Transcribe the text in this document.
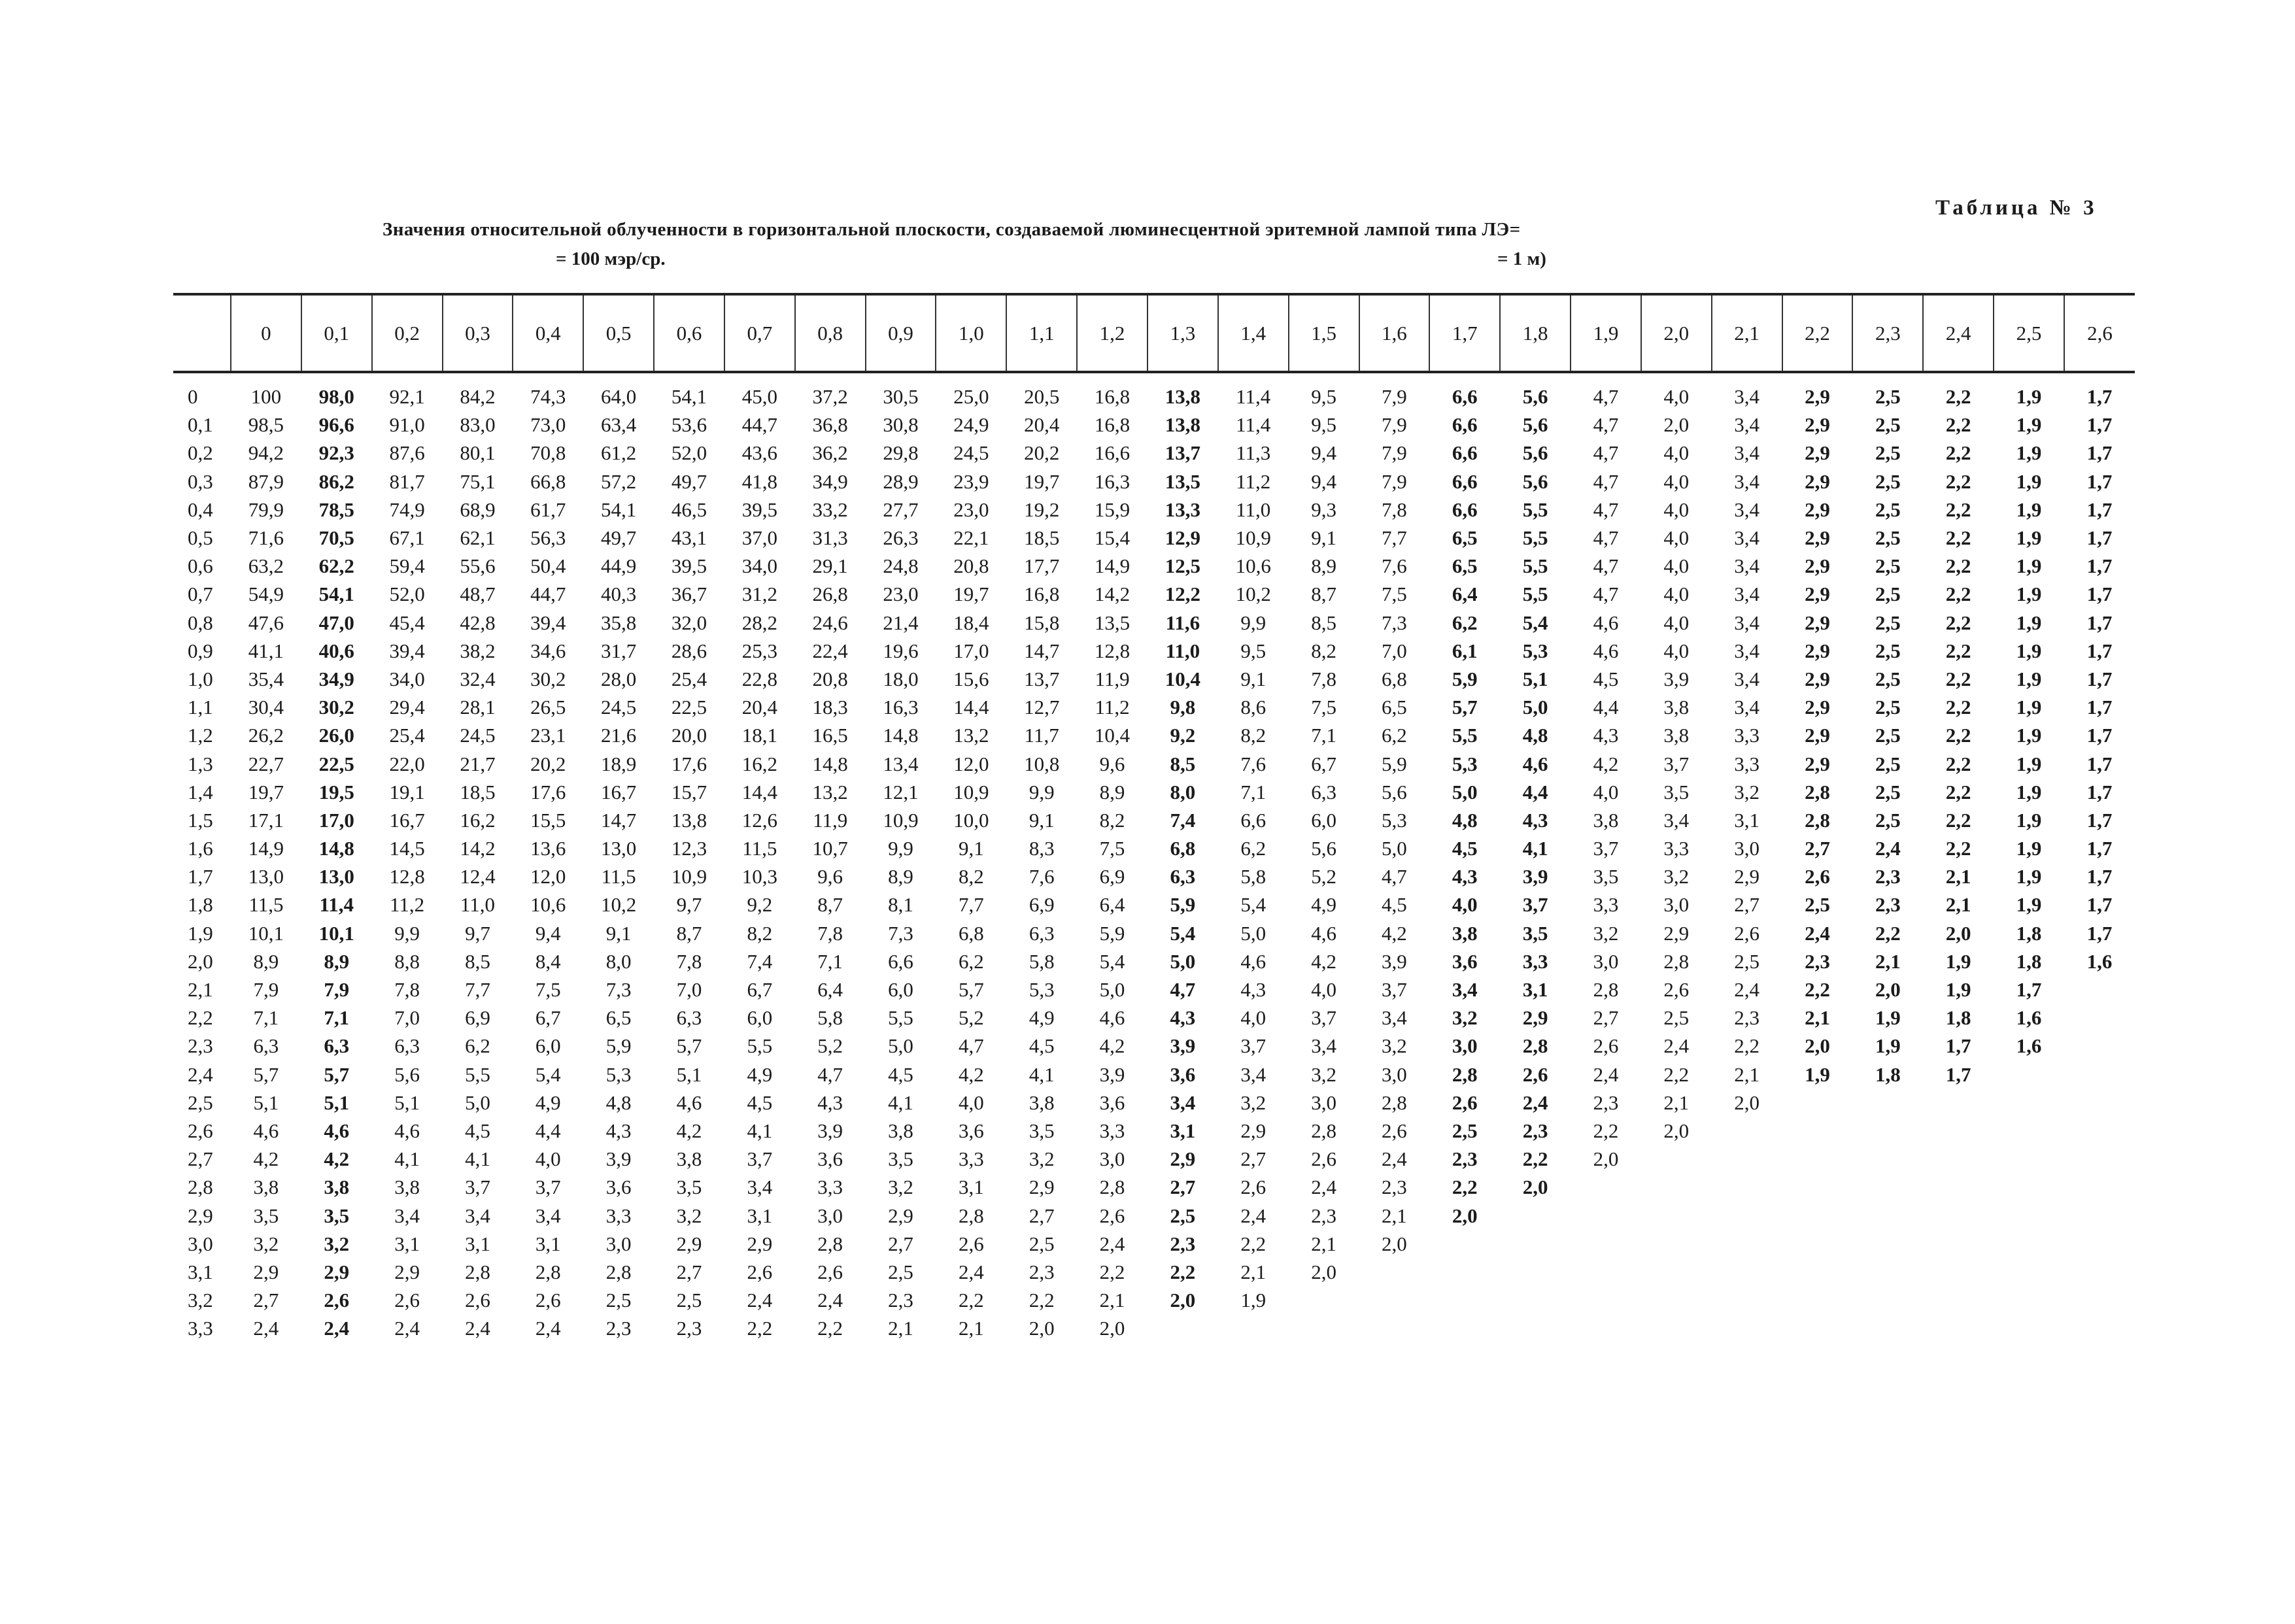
Таблица № 3
Значения относительной облученности в горизонтальной плоскости, создаваемой люминесцентной эритемной лампой типа ЛЭ=
= 100 мэр/ср.	= 1 м)
	0	0,1	0,2	0,3	0,4	0,5	0,6	0,7	0,8	0,9	1,0	1,1	1,2	1,3	1,4	1,5	1,6	1,7	1,8	1,9	2,0	2,1	2,2	2,3	2,4	2,5	2,6
0	100	98,0	92,1	84,2	74,3	64,0	54,1	45,0	37,2	30,5	25,0	20,5	16,8	13,8	11,4	9,5	7,9	6,6	5,6	4,7	4,0	3,4	2,9	2,5	2,2	1,9	1,7
0,1	98,5	96,6	91,0	83,0	73,0	63,4	53,6	44,7	36,8	30,8	24,9	20,4	16,8	13,8	11,4	9,5	7,9	6,6	5,6	4,7	2,0	3,4	2,9	2,5	2,2	1,9	1,7
0,2	94,2	92,3	87,6	80,1	70,8	61,2	52,0	43,6	36,2	29,8	24,5	20,2	16,6	13,7	11,3	9,4	7,9	6,6	5,6	4,7	4,0	3,4	2,9	2,5	2,2	1,9	1,7
0,3	87,9	86,2	81,7	75,1	66,8	57,2	49,7	41,8	34,9	28,9	23,9	19,7	16,3	13,5	11,2	9,4	7,9	6,6	5,6	4,7	4,0	3,4	2,9	2,5	2,2	1,9	1,7
0,4	79,9	78,5	74,9	68,9	61,7	54,1	46,5	39,5	33,2	27,7	23,0	19,2	15,9	13,3	11,0	9,3	7,8	6,6	5,5	4,7	4,0	3,4	2,9	2,5	2,2	1,9	1,7
0,5	71,6	70,5	67,1	62,1	56,3	49,7	43,1	37,0	31,3	26,3	22,1	18,5	15,4	12,9	10,9	9,1	7,7	6,5	5,5	4,7	4,0	3,4	2,9	2,5	2,2	1,9	1,7
0,6	63,2	62,2	59,4	55,6	50,4	44,9	39,5	34,0	29,1	24,8	20,8	17,7	14,9	12,5	10,6	8,9	7,6	6,5	5,5	4,7	4,0	3,4	2,9	2,5	2,2	1,9	1,7
0,7	54,9	54,1	52,0	48,7	44,7	40,3	36,7	31,2	26,8	23,0	19,7	16,8	14,2	12,2	10,2	8,7	7,5	6,4	5,5	4,7	4,0	3,4	2,9	2,5	2,2	1,9	1,7
0,8	47,6	47,0	45,4	42,8	39,4	35,8	32,0	28,2	24,6	21,4	18,4	15,8	13,5	11,6	9,9	8,5	7,3	6,2	5,4	4,6	4,0	3,4	2,9	2,5	2,2	1,9	1,7
0,9	41,1	40,6	39,4	38,2	34,6	31,7	28,6	25,3	22,4	19,6	17,0	14,7	12,8	11,0	9,5	8,2	7,0	6,1	5,3	4,6	4,0	3,4	2,9	2,5	2,2	1,9	1,7
1,0	35,4	34,9	34,0	32,4	30,2	28,0	25,4	22,8	20,8	18,0	15,6	13,7	11,9	10,4	9,1	7,8	6,8	5,9	5,1	4,5	3,9	3,4	2,9	2,5	2,2	1,9	1,7
1,1	30,4	30,2	29,4	28,1	26,5	24,5	22,5	20,4	18,3	16,3	14,4	12,7	11,2	9,8	8,6	7,5	6,5	5,7	5,0	4,4	3,8	3,4	2,9	2,5	2,2	1,9	1,7
1,2	26,2	26,0	25,4	24,5	23,1	21,6	20,0	18,1	16,5	14,8	13,2	11,7	10,4	9,2	8,2	7,1	6,2	5,5	4,8	4,3	3,8	3,3	2,9	2,5	2,2	1,9	1,7
1,3	22,7	22,5	22,0	21,7	20,2	18,9	17,6	16,2	14,8	13,4	12,0	10,8	9,6	8,5	7,6	6,7	5,9	5,3	4,6	4,2	3,7	3,3	2,9	2,5	2,2	1,9	1,7
1,4	19,7	19,5	19,1	18,5	17,6	16,7	15,7	14,4	13,2	12,1	10,9	9,9	8,9	8,0	7,1	6,3	5,6	5,0	4,4	4,0	3,5	3,2	2,8	2,5	2,2	1,9	1,7
1,5	17,1	17,0	16,7	16,2	15,5	14,7	13,8	12,6	11,9	10,9	10,0	9,1	8,2	7,4	6,6	6,0	5,3	4,8	4,3	3,8	3,4	3,1	2,8	2,5	2,2	1,9	1,7
1,6	14,9	14,8	14,5	14,2	13,6	13,0	12,3	11,5	10,7	9,9	9,1	8,3	7,5	6,8	6,2	5,6	5,0	4,5	4,1	3,7	3,3	3,0	2,7	2,4	2,2	1,9	1,7
1,7	13,0	13,0	12,8	12,4	12,0	11,5	10,9	10,3	9,6	8,9	8,2	7,6	6,9	6,3	5,8	5,2	4,7	4,3	3,9	3,5	3,2	2,9	2,6	2,3	2,1	1,9	1,7
1,8	11,5	11,4	11,2	11,0	10,6	10,2	9,7	9,2	8,7	8,1	7,7	6,9	6,4	5,9	5,4	4,9	4,5	4,0	3,7	3,3	3,0	2,7	2,5	2,3	2,1	1,9	1,7
1,9	10,1	10,1	9,9	9,7	9,4	9,1	8,7	8,2	7,8	7,3	6,8	6,3	5,9	5,4	5,0	4,6	4,2	3,8	3,5	3,2	2,9	2,6	2,4	2,2	2,0	1,8	1,7
2,0	8,9	8,9	8,8	8,5	8,4	8,0	7,8	7,4	7,1	6,6	6,2	5,8	5,4	5,0	4,6	4,2	3,9	3,6	3,3	3,0	2,8	2,5	2,3	2,1	1,9	1,8	1,6
2,1	7,9	7,9	7,8	7,7	7,5	7,3	7,0	6,7	6,4	6,0	5,7	5,3	5,0	4,7	4,3	4,0	3,7	3,4	3,1	2,8	2,6	2,4	2,2	2,0	1,9	1,7	
2,2	7,1	7,1	7,0	6,9	6,7	6,5	6,3	6,0	5,8	5,5	5,2	4,9	4,6	4,3	4,0	3,7	3,4	3,2	2,9	2,7	2,5	2,3	2,1	1,9	1,8	1,6	
2,3	6,3	6,3	6,3	6,2	6,0	5,9	5,7	5,5	5,2	5,0	4,7	4,5	4,2	3,9	3,7	3,4	3,2	3,0	2,8	2,6	2,4	2,2	2,0	1,9	1,7	1,6	
2,4	5,7	5,7	5,6	5,5	5,4	5,3	5,1	4,9	4,7	4,5	4,2	4,1	3,9	3,6	3,4	3,2	3,0	2,8	2,6	2,4	2,2	2,1	1,9	1,8	1,7		
2,5	5,1	5,1	5,1	5,0	4,9	4,8	4,6	4,5	4,3	4,1	4,0	3,8	3,6	3,4	3,2	3,0	2,8	2,6	2,4	2,3	2,1	2,0					
2,6	4,6	4,6	4,6	4,5	4,4	4,3	4,2	4,1	3,9	3,8	3,6	3,5	3,3	3,1	2,9	2,8	2,6	2,5	2,3	2,2	2,0						
2,7	4,2	4,2	4,1	4,1	4,0	3,9	3,8	3,7	3,6	3,5	3,3	3,2	3,0	2,9	2,7	2,6	2,4	2,3	2,2	2,0							
2,8	3,8	3,8	3,8	3,7	3,7	3,6	3,5	3,4	3,3	3,2	3,1	2,9	2,8	2,7	2,6	2,4	2,3	2,2	2,0								
2,9	3,5	3,5	3,4	3,4	3,4	3,3	3,2	3,1	3,0	2,9	2,8	2,7	2,6	2,5	2,4	2,3	2,1	2,0									
3,0	3,2	3,2	3,1	3,1	3,1	3,0	2,9	2,9	2,8	2,7	2,6	2,5	2,4	2,3	2,2	2,1	2,0										
3,1	2,9	2,9	2,9	2,8	2,8	2,8	2,7	2,6	2,6	2,5	2,4	2,3	2,2	2,2	2,1	2,0											
3,2	2,7	2,6	2,6	2,6	2,6	2,5	2,5	2,4	2,4	2,3	2,2	2,2	2,1	2,0	1,9												
3,3	2,4	2,4	2,4	2,4	2,4	2,3	2,3	2,2	2,2	2,1	2,1	2,0	2,0														
